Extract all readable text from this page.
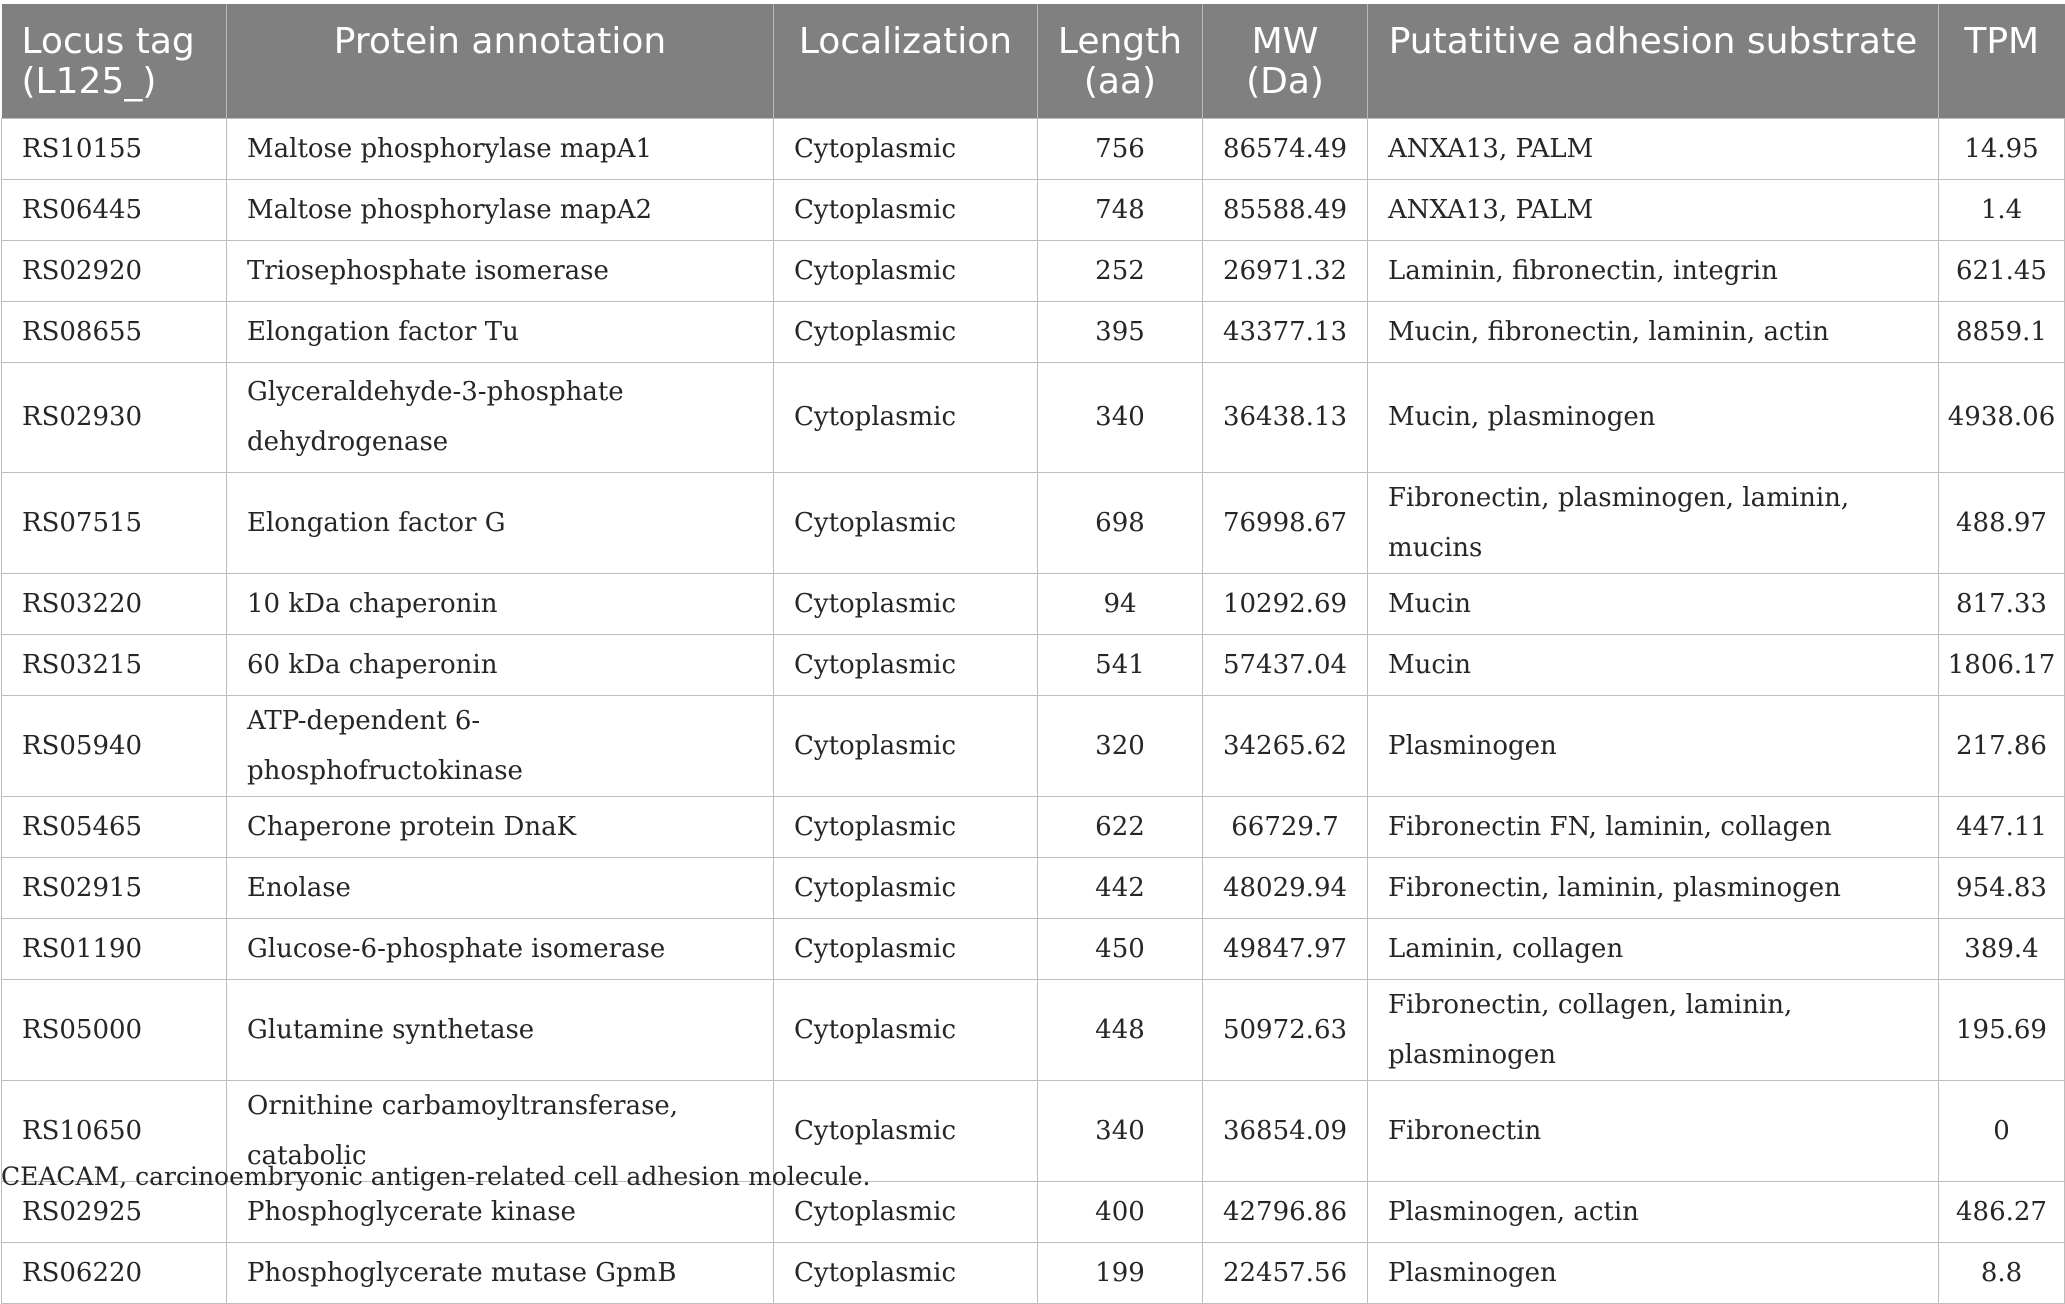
Locus tag (L125_)	Protein annotation	Localization	Length (aa)	MW (Da)	Putatitive adhesion substrate	TPM
RS10155	Maltose phosphorylase mapA1	Cytoplasmic	756	86574.49	ANXA13, PALM	14.95
RS06445	Maltose phosphorylase mapA2	Cytoplasmic	748	85588.49	ANXA13, PALM	1.4
RS02920	Triosephosphate isomerase	Cytoplasmic	252	26971.32	Laminin, fibronectin, integrin	621.45
RS08655	Elongation factor Tu	Cytoplasmic	395	43377.13	Mucin, fibronectin, laminin, actin	8859.1
RS02930	Glyceraldehyde-3-phosphate dehydrogenase	Cytoplasmic	340	36438.13	Mucin, plasminogen	4938.06
RS07515	Elongation factor G	Cytoplasmic	698	76998.67	Fibronectin, plasminogen, laminin, mucins	488.97
RS03220	10 kDa chaperonin	Cytoplasmic	94	10292.69	Mucin	817.33
RS03215	60 kDa chaperonin	Cytoplasmic	541	57437.04	Mucin	1806.17
RS05940	ATP-dependent 6-phosphofructokinase	Cytoplasmic	320	34265.62	Plasminogen	217.86
RS05465	Chaperone protein DnaK	Cytoplasmic	622	66729.7	Fibronectin FN, laminin, collagen	447.11
RS02915	Enolase	Cytoplasmic	442	48029.94	Fibronectin, laminin, plasminogen	954.83
RS01190	Glucose-6-phosphate isomerase	Cytoplasmic	450	49847.97	Laminin, collagen	389.4
RS05000	Glutamine synthetase	Cytoplasmic	448	50972.63	Fibronectin, collagen, laminin, plasminogen	195.69
RS10650	Ornithine carbamoyltransferase, catabolic	Cytoplasmic	340	36854.09	Fibronectin	0
RS02925	Phosphoglycerate kinase	Cytoplasmic	400	42796.86	Plasminogen, actin	486.27
RS06220	Phosphoglycerate mutase GpmB	Cytoplasmic	199	22457.56	Plasminogen	8.8
CEACAM, carcinoembryonic antigen-related cell adhesion molecule.
